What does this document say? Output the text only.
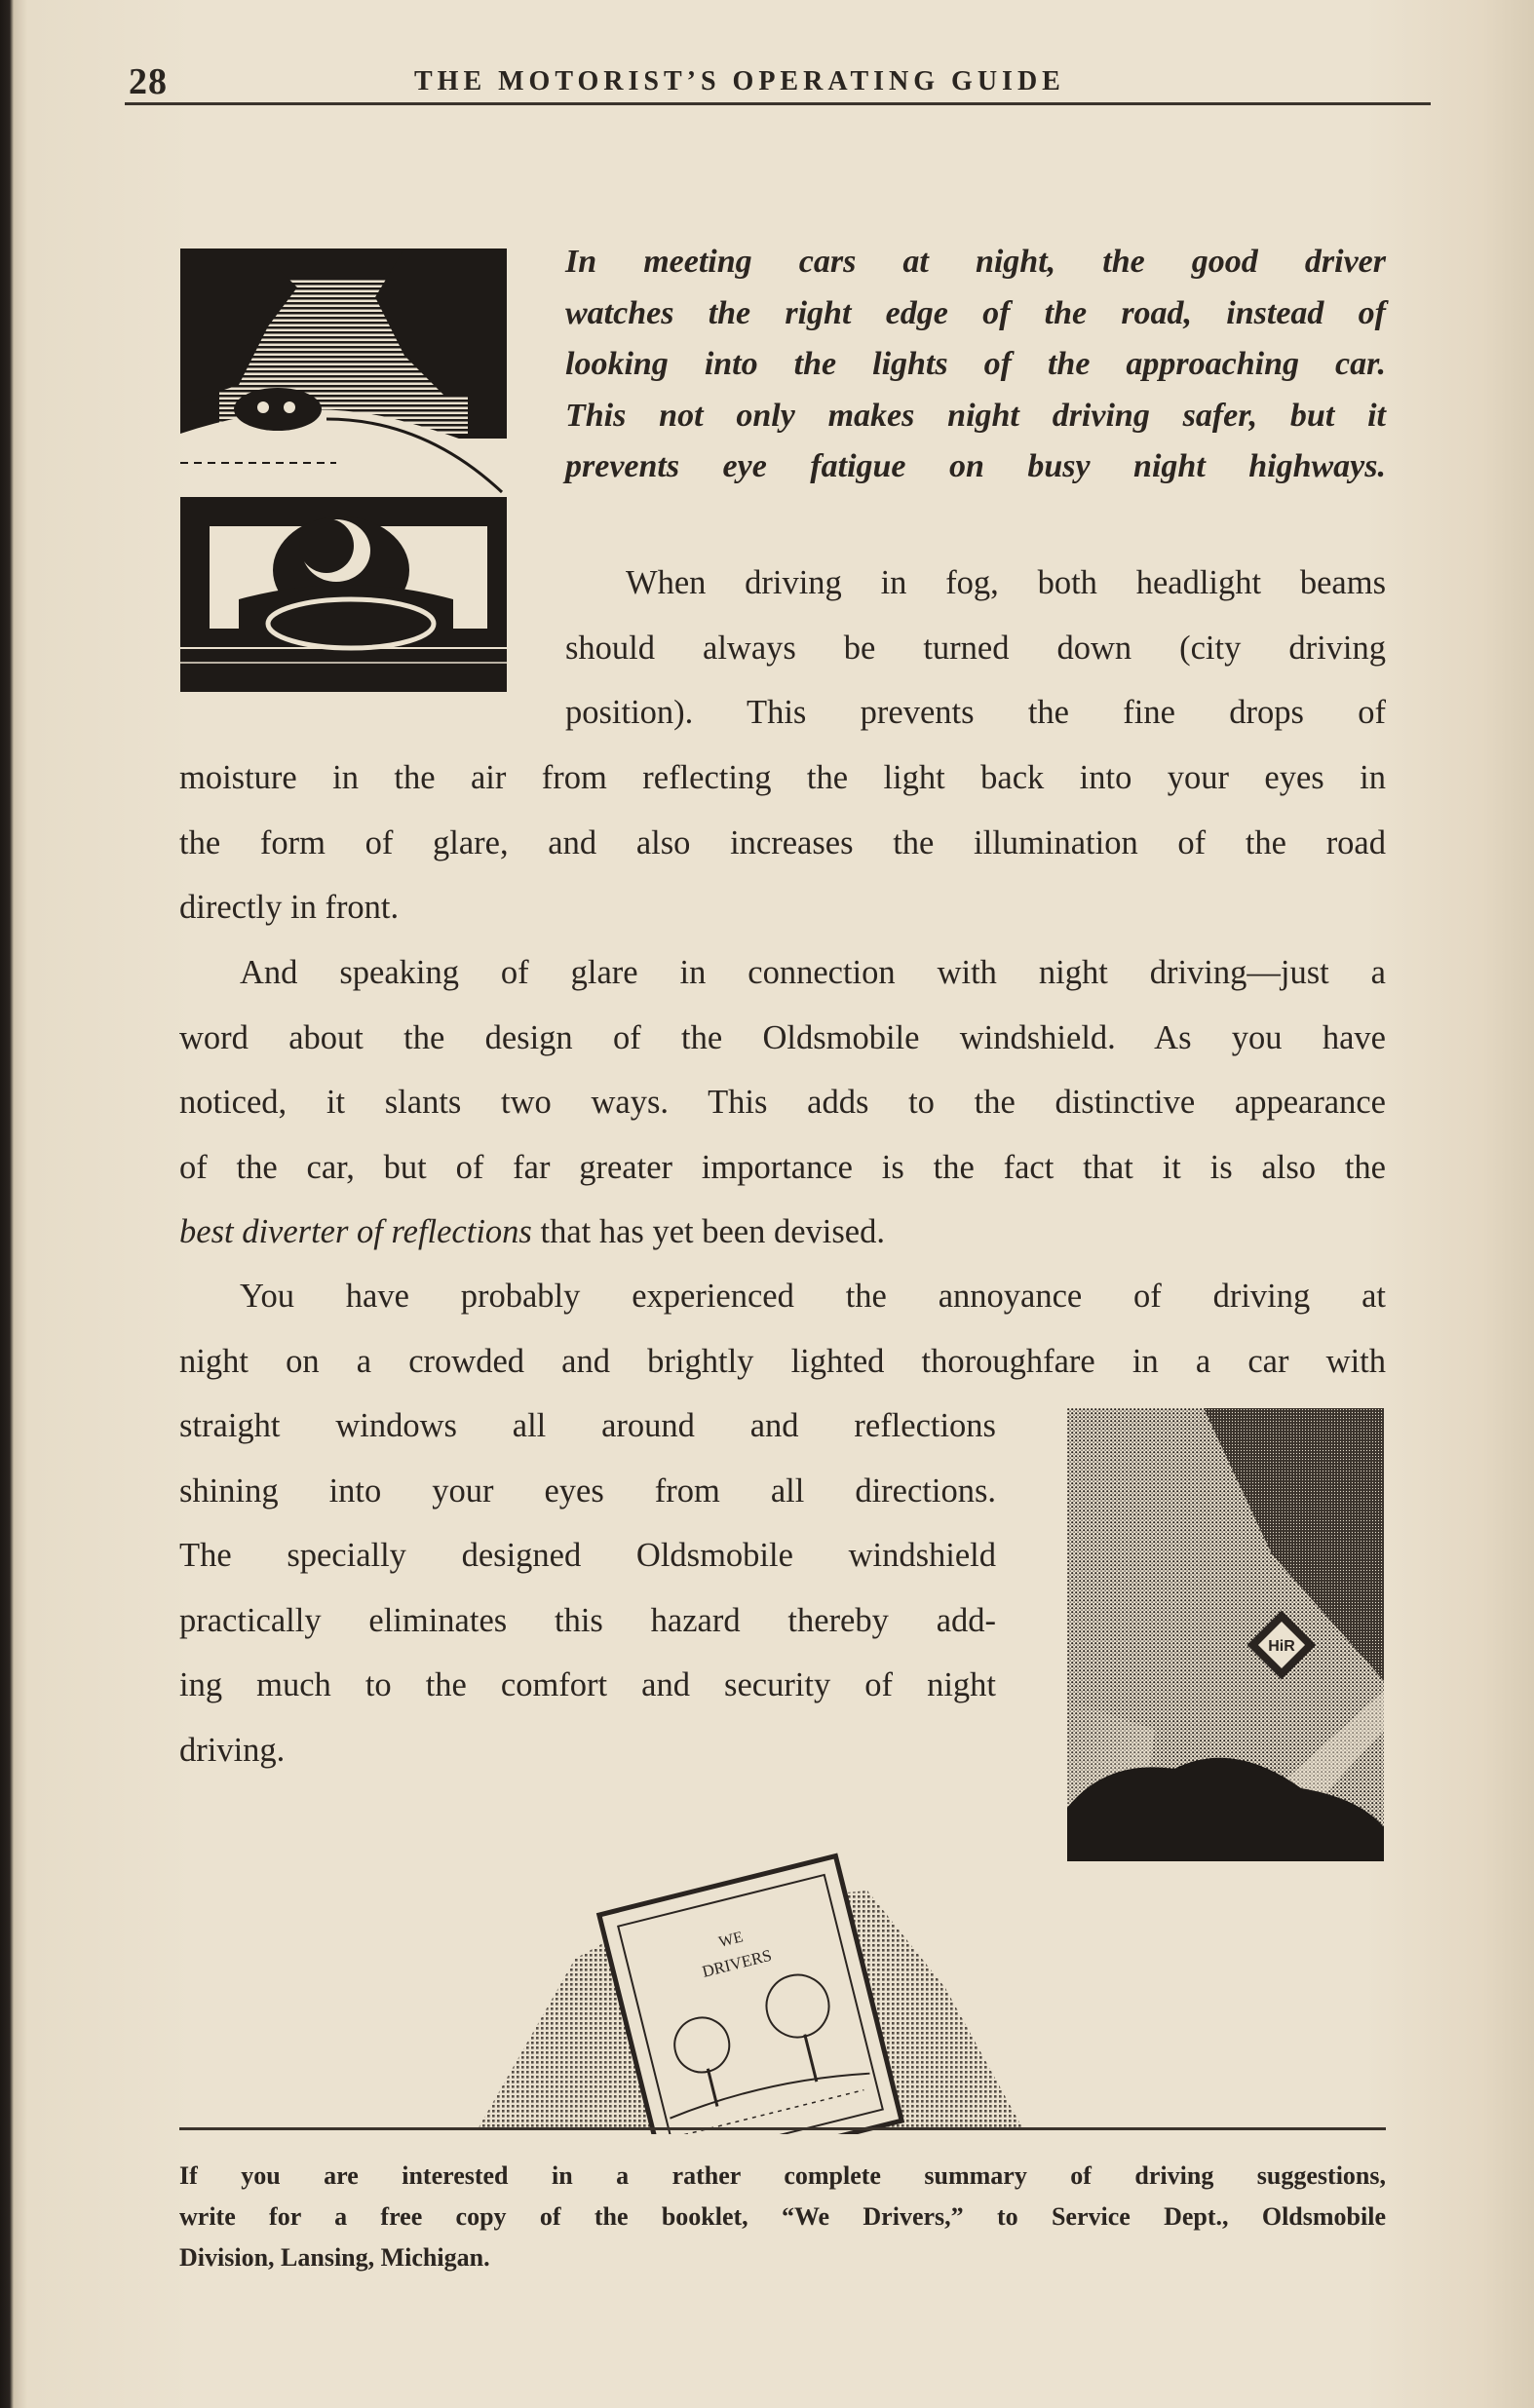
28	THE MOTORIST’S OPERATING GUIDE
In meeting cars at night, the good driver
watches the right edge of the road, instead of
looking into the lights of the approaching car.
This not only makes night driving safer, but it
prevents eye fatigue on busy night highways.
When driving in fog, both headlight beams
should always be turned down (city driving
position). This prevents the fine drops of
moisture in the air from reflecting the light back into your eyes in
the form of glare, and also increases the illumination of the road
directly in front.
And speaking of glare in connection with night driving—just a
word about the design of the Oldsmobile windshield. As you have
noticed, it slants two ways. This adds to the distinctive appearance
of the car, but of far greater importance is the fact that it is also the
best diverter of reflections that has yet been devised.
You have probably experienced the annoyance of driving at
night on a crowded and brightly lighted thoroughfare in a car with
straight windows all around and reflections
shining into your eyes from all directions.
The specially designed Oldsmobile windshield
practically eliminates this hazard thereby add-
ing much to the comfort and security of night
driving.
HiR
WE
DRIVERS
If you are interested in a rather complete summary of driving suggestions,
write for a free copy of the booklet, “We Drivers,” to Service Dept., Oldsmobile
Division, Lansing, Michigan.
